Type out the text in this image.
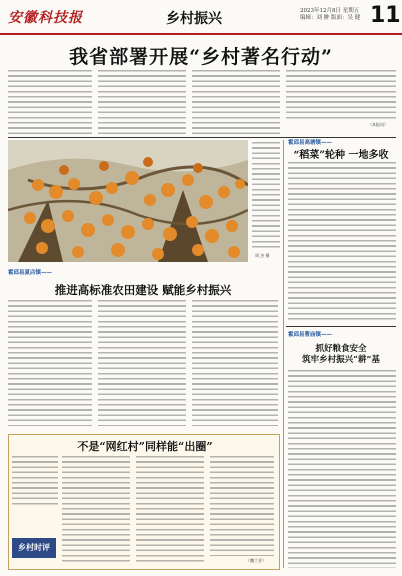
安徽科技报	乡村振兴	2023年12月8日 星期五
编辑：刘 翀 版面：吴 健 11
我省部署开展“乡村著名行动”
（本报讯）
周 杰 摄
霍邱县高塘镇——
“稻菜”轮种 一地多收
霍邱县夏店镇——
推进高标准农田建设 赋能乡村振兴
霍邱县曹庙镇——
抓好粮食安全
筑牢乡村振兴“耕”基
不是“网红村”同样能“出圈”
乡村时评
（魏兰芳）
